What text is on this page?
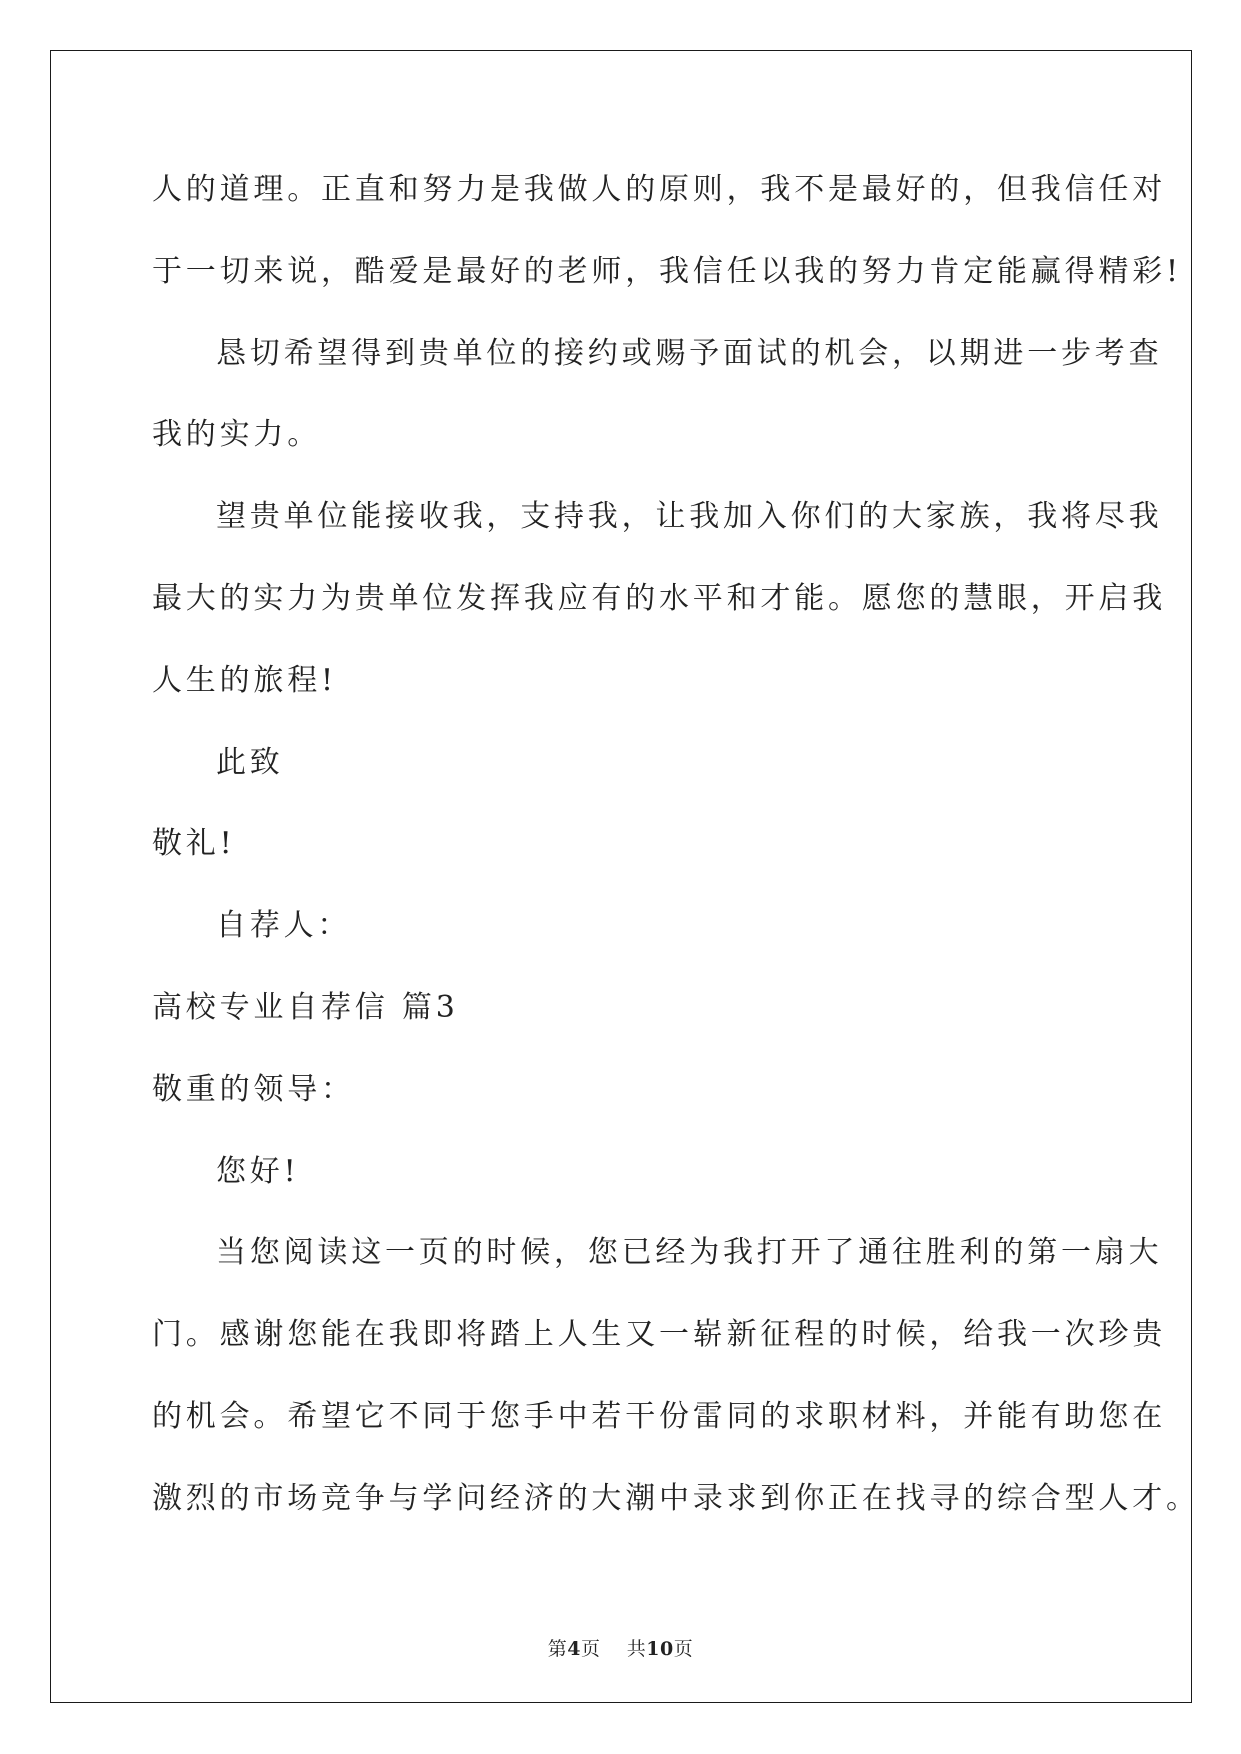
人的道理。正直和努力是我做人的原则，我不是最好的，但我信任对
于一切来说，酷爱是最好的老师，我信任以我的努力肯定能赢得精彩!
恳切希望得到贵单位的接约或赐予面试的机会，以期进一步考查
我的实力。
望贵单位能接收我，支持我，让我加入你们的大家族，我将尽我
最大的实力为贵单位发挥我应有的水平和才能。愿您的慧眼，开启我
人生的旅程!
此致
敬礼!
自荐人：
高校专业自荐信 篇3
敬重的领导：
您好!
当您阅读这一页的时候，您已经为我打开了通往胜利的第一扇大
门。感谢您能在我即将踏上人生又一崭新征程的时候，给我一次珍贵
的机会。希望它不同于您手中若干份雷同的求职材料，并能有助您在
激烈的市场竞争与学问经济的大潮中录求到你正在找寻的综合型人才。
第4页 共10页
